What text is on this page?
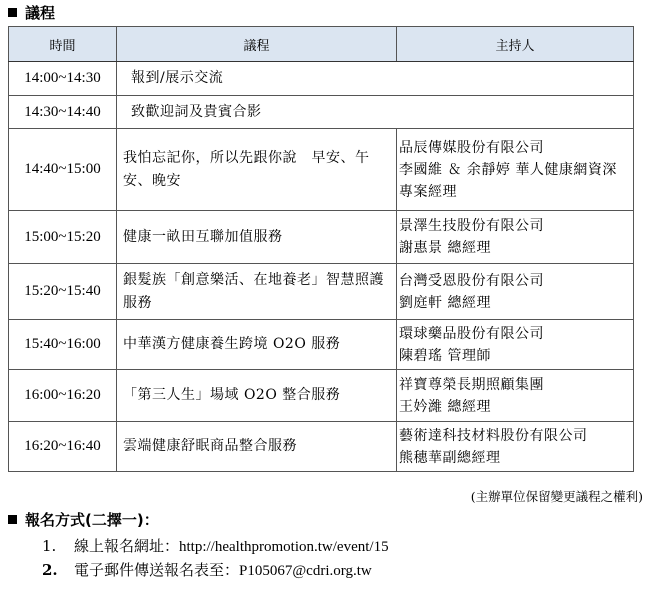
議程
時間	議程	主持人
14:00~14:30	報到/展示交流	
14:30~14:40	致歡迎詞及貴賓合影	
14:40~15:00	我怕忘記你，所以先跟你說　早安、午安、晚安	品辰傳媒股份有限公司
李國維 ＆ 余靜婷 華人健康網資深專案經理

15:00~15:20	健康一畝田互聯加值服務	景澤生技股份有限公司
謝惠景 總經理

15:20~15:40	銀髮族「創意樂活、在地養老」智慧照護服務	台灣受恩股份有限公司
劉庭軒 總經理

15:40~16:00	中華漢方健康養生跨境 O2O 服務	環球藥品股份有限公司
陳碧瑤 管理師

16:00~16:20	「第三人生」場域 O2O 整合服務	祥寶尊榮長期照顧集團
王妗濰 總經理

16:20~16:40	雲端健康舒眠商品整合服務	藝術達科技材料股份有限公司
熊穗華副總經理
(主辦單位保留變更議程之權利)
報名方式(二擇一)：
1. 線上報名網址：http://healthpromotion.tw/event/15
2. 電子郵件傳送報名表至：P105067@cdri.org.tw
